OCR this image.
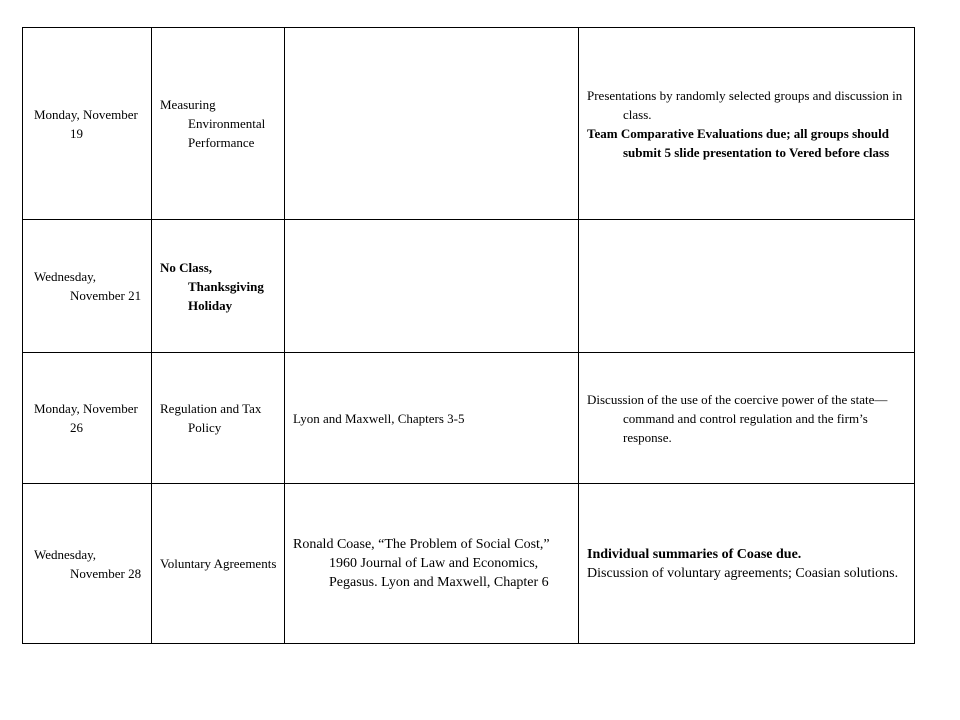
Monday, November 19	Measuring Environmental Performance		Presentations by randomly selected groups and discussion in class.

Team Comparative Evaluations due; all groups should submit 5 slide presentation to Vered before class

Wednesday, November 21	No Class, Thanksgiving Holiday		

Monday, November 26	Regulation and Tax Policy	Lyon and Maxwell, Chapters 3-5	Discussion of the use of the coercive power of the state—command and control regulation and the firm’s response.

Wednesday, November 28	Voluntary Agreements	Ronald Coase, “The Problem of Social Cost,” 1960 Journal of Law and Economics, Pegasus. Lyon and Maxwell, Chapter 6	Individual summaries of Coase due.

Discussion of voluntary agreements; Coasian solutions.
